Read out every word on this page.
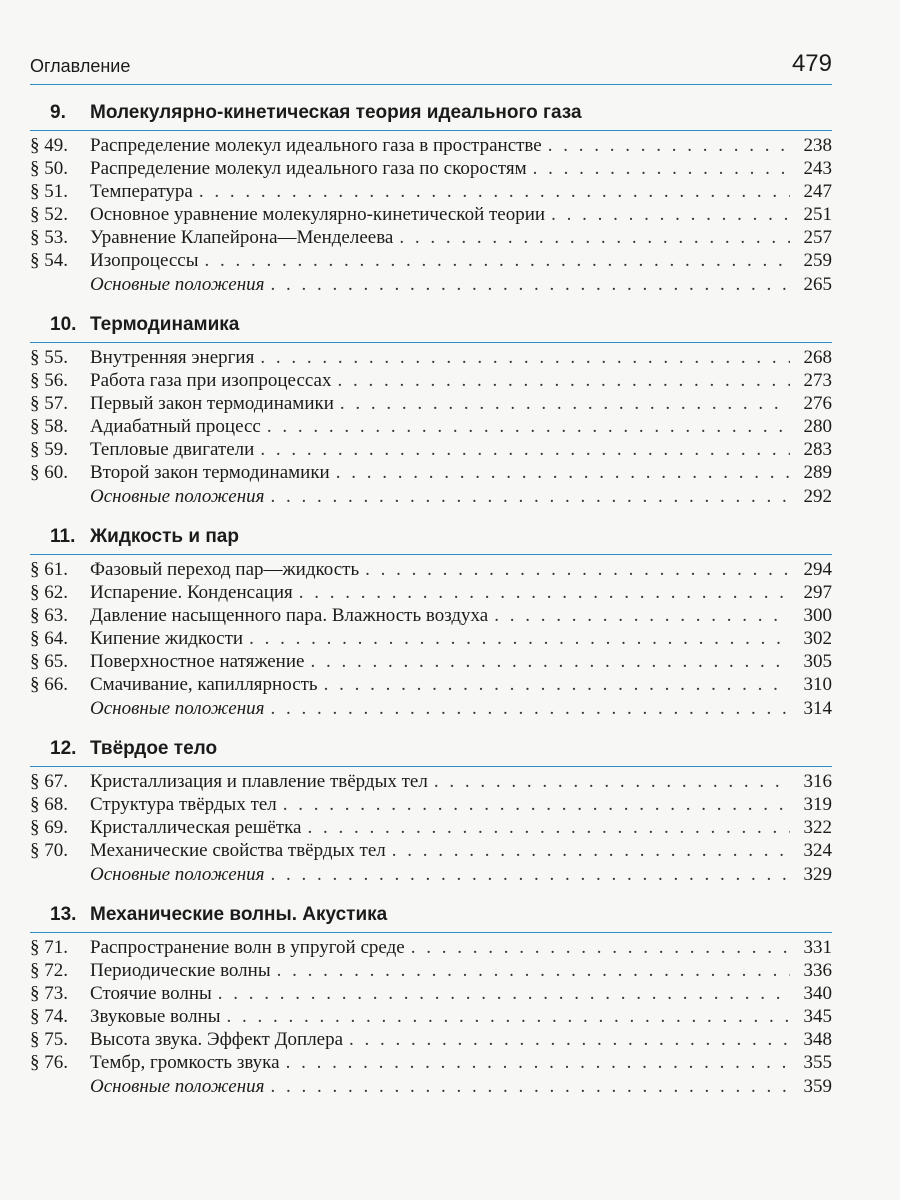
Оглавление	479
9. Молекулярно-кинетическая теория идеального газа
§ 49.	Распределение молекул идеального газа в пространстве . . .	238
§ 50.	Распределение молекул идеального газа по скоростям . . .	243
§ 51.	Температура . . .	247
§ 52.	Основное уравнение молекулярно-кинетической теории . . .	251
§ 53.	Уравнение Клапейрона—Менделеева . . .	257
§ 54.	Изопроцессы . . .	259
Основные положения . . .	265
10. Термодинамика
§ 55.	Внутренняя энергия . . .	268
§ 56.	Работа газа при изопроцессах . . .	273
§ 57.	Первый закон термодинамики . . .	276
§ 58.	Адиабатный процесс . . .	280
§ 59.	Тепловые двигатели . . .	283
§ 60.	Второй закон термодинамики . . .	289
Основные положения . . .	292
11. Жидкость и пар
§ 61.	Фазовый переход пар—жидкость . . .	294
§ 62.	Испарение. Конденсация . . .	297
§ 63.	Давление насыщенного пара. Влажность воздуха . . .	300
§ 64.	Кипение жидкости . . .	302
§ 65.	Поверхностное натяжение . . .	305
§ 66.	Смачивание, капиллярность . . .	310
Основные положения . . .	314
12. Твёрдое тело
§ 67.	Кристаллизация и плавление твёрдых тел . . .	316
§ 68.	Структура твёрдых тел . . .	319
§ 69.	Кристаллическая решётка . . .	322
§ 70.	Механические свойства твёрдых тел . . .	324
Основные положения . . .	329
13. Механические волны. Акустика
§ 71.	Распространение волн в упругой среде . . .	331
§ 72.	Периодические волны . . .	336
§ 73.	Стоячие волны . . .	340
§ 74.	Звуковые волны . . .	345
§ 75.	Высота звука. Эффект Доплера . . .	348
§ 76.	Тембр, громкость звука . . .	355
Основные положения . . .	359
